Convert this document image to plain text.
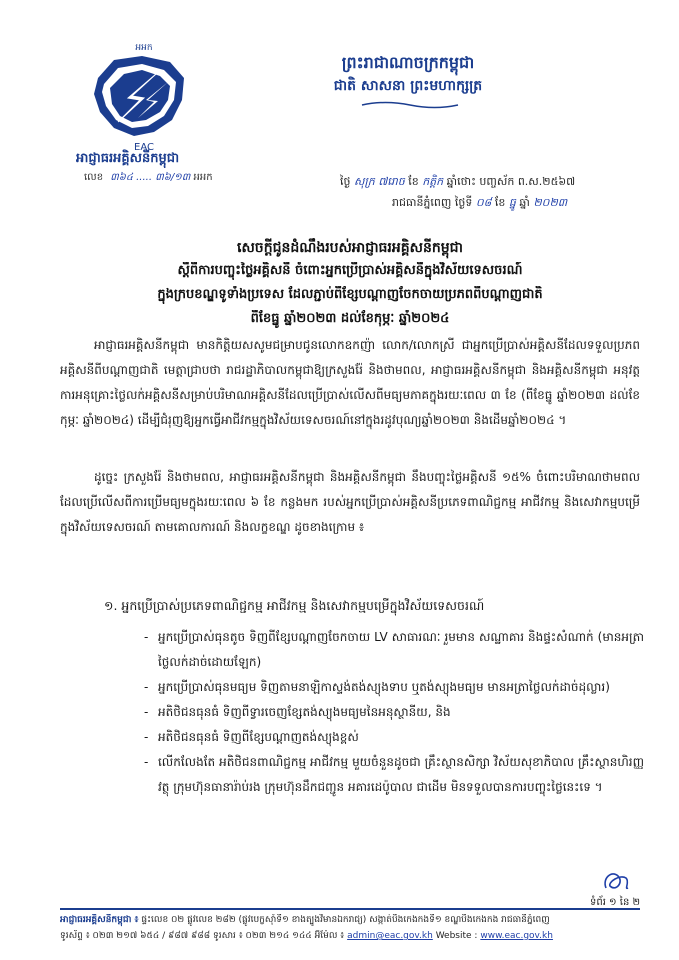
អអក
EAC
អាជ្ញាធរអគ្គិសនីកម្ពុជា
លេខ ៣៦៤ ..... ៣៦/១៣ អអក
ព្រះរាជាណាចក្រកម្ពុជា
ជាតិ សាសនា ព្រះមហាក្សត្រ
ថ្ងៃ សុក្រ ៧រោច ខែ កត្តិក ឆ្នាំថោះ បញ្ចស័ក ព.ស.២៥៦៧
រាជធានីភ្នំពេញ ថ្ងៃទី ០៨ ខែ ធ្នូ ឆ្នាំ ២០២៣
សេចក្តីជូនដំណឹងរបស់អាជ្ញាធរអគ្គិសនីកម្ពុជា
ស្តីពីការបញ្ចុះថ្លៃអគ្គិសនី ចំពោះអ្នកប្រើប្រាស់អគ្គិសនីក្នុងវិស័យទេសចរណ៍
ក្នុងក្របខណ្ឌទូទាំងប្រទេស ដែលភ្ជាប់ពីខ្សែបណ្តាញចែកចាយប្រភពពីបណ្តាញជាតិ
ពីខែធ្នូ ឆ្នាំ២០២៣ ដល់ខែកុម្ភៈ ឆ្នាំ២០២៤
អាជ្ញាធរអគ្គិសនីកម្ពុជា មានកិត្តិយសសូមជម្រាបជូនលោកឧកញ៉ា លោក/លោកស្រី ជាអ្នកប្រើប្រាស់អគ្គិសនីដែលទទួលប្រភពអគ្គិសនីពីបណ្តាញជាតិ មេត្តាជ្រាបថា រាជរដ្ឋាភិបាលកម្ពុជាឱ្យក្រសួងរ៉ែ និងថាមពល, អាជ្ញាធរអគ្គិសនីកម្ពុជា និងអគ្គិសនីកម្ពុជា អនុវត្តការអនុគ្រោះថ្លៃលក់អគ្គិសនីសម្រាប់បរិមាណអគ្គិសនីដែលប្រើប្រាស់លើសពីមធ្យមភាគក្នុងរយៈពេល ៣ ខែ (ពីខែធ្នូ ឆ្នាំ២០២៣ ដល់ខែកុម្ភៈ ឆ្នាំ២០២៤) ដើម្បីជំរុញឱ្យអ្នកធ្វើអាជីវកម្មក្នុងវិស័យទេសចរណ៍នៅក្នុងរដូវបុណ្យឆ្នាំ២០២៣ និងដើមឆ្នាំ២០២៤ ។
ដូច្នេះ ក្រសួងរ៉ែ និងថាមពល, អាជ្ញាធរអគ្គិសនីកម្ពុជា និងអគ្គិសនីកម្ពុជា នឹងបញ្ចុះថ្លៃអគ្គិសនី ១៥% ចំពោះបរិមាណថាមពលដែលប្រើលើសពីការប្រើមធ្យមក្នុងរយៈពេល ៦ ខែ កន្លងមក របស់អ្នកប្រើប្រាស់អគ្គិសនីប្រភេទពាណិជ្ជកម្ម អាជីវកម្ម និងសេវាកម្មបម្រើក្នុងវិស័យទេសចរណ៍ តាមគោលការណ៍ និងលក្ខខណ្ឌ ដូចខាងក្រោម ៖
១. អ្នកប្រើប្រាស់ប្រភេទពាណិជ្ជកម្ម អាជីវកម្ម និងសេវាកម្មបម្រើក្នុងវិស័យទេសចរណ៍
- អ្នកប្រើប្រាស់ធុនតូច ទិញពីខ្សែបណ្តាញចែកចាយ LV សាធារណៈ រួមមាន សណ្ឋាគារ និងផ្ទះសំណាក់ (មានអត្រាថ្លៃលក់ដាច់ដោយឡែក)
- អ្នកប្រើប្រាស់ធុនមធ្យម ទិញតាមនាឡិកាស្ទង់តង់ស្យុងទាប ឬតង់ស្យុងមធ្យម មានអត្រាថ្លៃលក់ដាច់ដុល្លារ)
- អតិថិជនធុនធំ ទិញពីទ្វារចេញខ្សែតង់ស្យុងមធ្យមនៃអនុស្ថានីយ, និង
- អតិថិជនធុនធំ ទិញពីខ្សែបណ្តាញតង់ស្យុងខ្ពស់
- លើកលែងតែ អតិថិជនពាណិជ្ជកម្ម អាជីវកម្ម មួយចំនួនដូចជា គ្រឹះស្ថានសិក្សា វិស័យសុខាភិបាល គ្រឹះស្ថានហិរញ្ញវត្ថុ ក្រុមហ៊ុនធានារ៉ាប់រង ក្រុមហ៊ុនដឹកជញ្ជូន អគារដេប៉ូបាល ជាដើម មិនទទួលបានការបញ្ចុះថ្លៃនេះទេ ។
ទំព័រ ១ នៃ ២
អាជ្ញាធរអគ្គិសនីកម្ពុជា ៖ ផ្ទះលេខ ០២ ផ្លូវលេខ ២៨២ (ផ្លូវបេក្ខស៊ាំទី១ ខាងត្បូងវិមានឯករាជ្យ) សង្កាត់បឹងកេងកងទី១ ខណ្ឌបឹងកេងកង រាជធានីភ្នំពេញ
ទូរស័ព្ទ ៖ ០២៣ ២១៧ ៦៥៤ / ៩៨៧ ៩៨៨ ទូរសារ ៖ ០២៣ ២១៤ ១៤៤ អ៊ីម៉ែល ៖ admin@eac.gov.kh Website : www.eac.gov.kh
